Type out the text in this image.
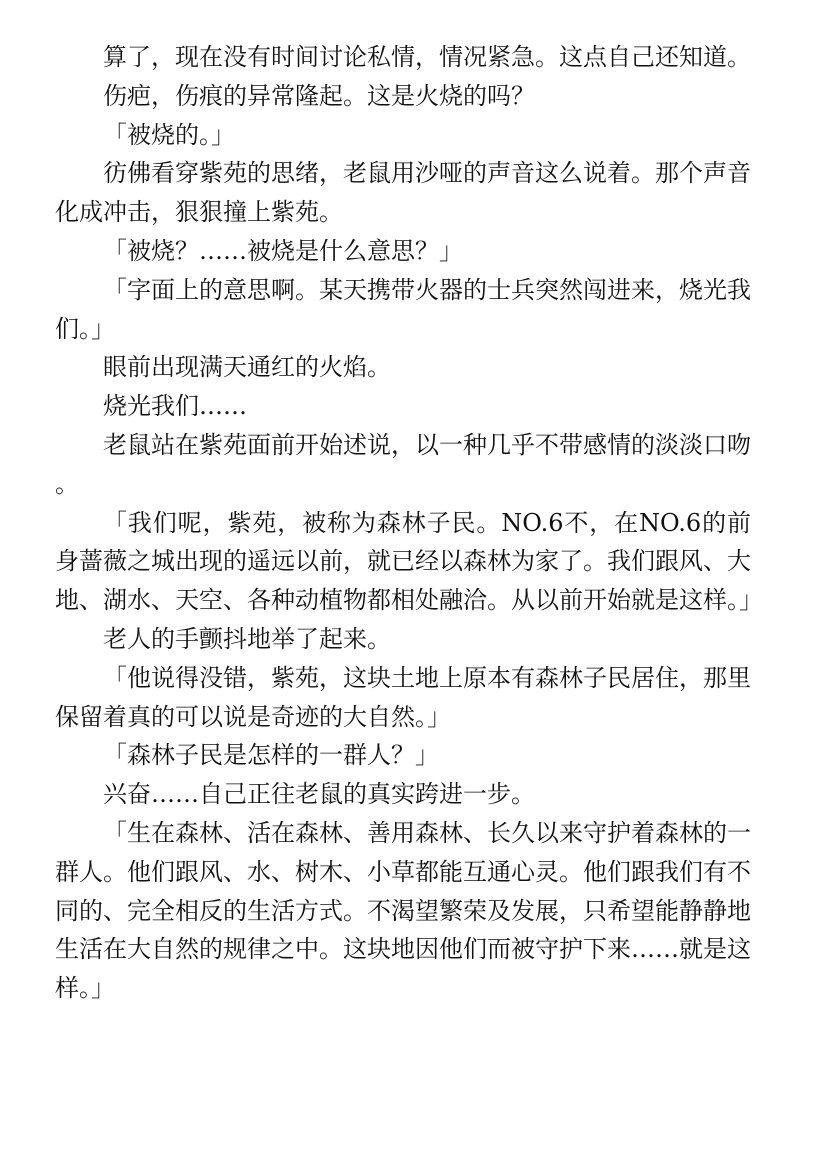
算了，现在没有时间讨论私情，情况紧急。这点自己还知道。

伤疤，伤痕的异常隆起。这是火烧的吗？

「被烧的。」

彷佛看穿紫苑的思绪，老鼠用沙哑的声音这么说着。那个声音化成冲击，狠狠撞上紫苑。

「被烧？……被烧是什么意思？」

「字面上的意思啊。某天携带火器的士兵突然闯进来，烧光我们。」

眼前出现满天通红的火焰。

烧光我们……

老鼠站在紫苑面前开始述说，以一种几乎不带感情的淡淡口吻。

「我们呢，紫苑，被称为森林子民。NO.6不，在NO.6的前身蔷薇之城出现的遥远以前，就已经以森林为家了。我们跟风、大地、湖水、天空、各种动植物都相处融洽。从以前开始就是这样。」

老人的手颤抖地举了起来。

「他说得没错，紫苑，这块土地上原本有森林子民居住，那里保留着真的可以说是奇迹的大自然。」

「森林子民是怎样的一群人？」

兴奋……自己正往老鼠的真实跨进一步。

「生在森林、活在森林、善用森林、长久以来守护着森林的一群人。他们跟风、水、树木、小草都能互通心灵。他们跟我们有不同的、完全相反的生活方式。不渴望繁荣及发展，只希望能静静地生活在大自然的规律之中。这块地因他们而被守护下来……就是这样。」
